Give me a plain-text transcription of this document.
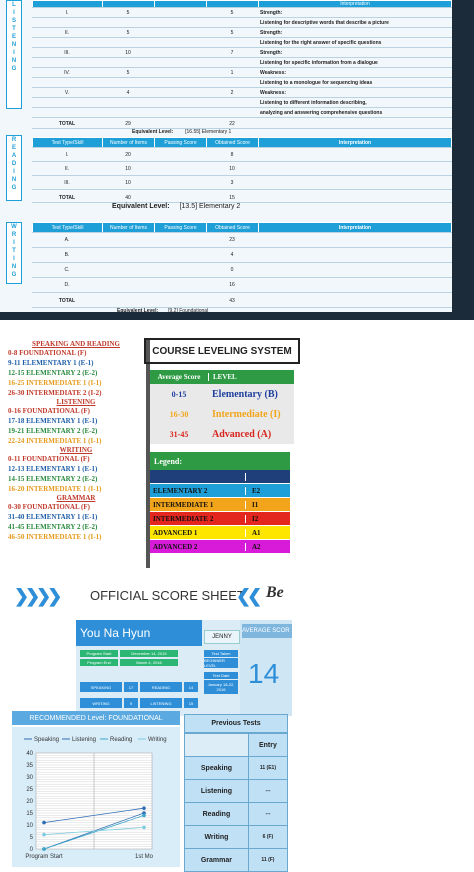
L
I
S
T
E
N
I
N
G
				Interpretation
I.	5		5	Strength:
				Listening for descriptive words that describe a picture
II.	5		5	Strength:
				Listening for the right answer of specific questions
III.	10		7	Strength:
				Listening for specific information from a dialogue
IV.	5		1	Weakness:
				Listening to a monologue for sequencing ideas
V.	4		2	Weakness:
				Listening to different information describing,
				analyzing and answering comprehensive questions
TOTAL	29		22	
Equivalent Level: [16.55] Elementary 1
R
E
A
D
I
N
G
Test Type/Skill	Number of Items	Passing Score	Obtained Score	Interpretation
I.	20		8	
II.	10		10	
III.	10		3	
TOTAL	40		15	
Equivalent Level: [13.5] Elementary 2
W
R
I
T
I
N
G
Test Type/Skill	Number of Items	Passing Score	Obtained Score	Interpretation
A.			23	
B.			4	
C.			0	
D.			16	
TOTAL			43	
Equivalent Level: [9.2] Foundational
SPEAKING AND READING
0-8 FOUNDATIONAL (F)
9-11 ELEMENTARY 1 (E-1)
12-15 ELEMENTARY 2 (E-2)
16-25 INTERMEDIATE 1 (I-1)
26-30 INTERMEDIATE 2 (I-2)
LISTENING
0-16 FOUNDATIONAL (F)
17-18 ELEMENTARY 1 (E-1)
19-21 ELEMENTARY 2 (E-2)
22-24 INTERMEDIATE 1 (I-1)
WRITING
0-11 FOUNDATIONAL (F)
12-13 ELEMENTARY 1 (E-1)
14-15 ELEMENTARY 2 (E-2)
16-20 INTERMEDIATE 1 (I-1)
GRAMMAR
0-30 FOUNDATIONAL (F)
31-40 ELEMENTARY 1 (E-1)
41-45 ELEMENTARY 2 (E-2)
46-50 INTERMEDIATE 1 (I-1)
COURSE LEVELING SYSTEM
Average Score	LEVEL
0-15	Elementary (B)
16-30	Intermediate (I)
31-45	Advanced (A)
Legend:
ELEMENTARY 1	E1
ELEMENTARY 2	E2
INTERMEDIATE 1	I1
INTERMEDIATE 2	I2
ADVANCED 1	A1
ADVANCED 2	A2
❯❯❯❯ OFFICIAL SCORE SHEET
❮❮ Be
You Na Hyun	JENNY
Program Start	December 14, 2015
Program End	March 4, 2016
Test Taken
BEGINNER LEVEL
Test Date
January 18-22, 2016
SPEAKING	17	READING	14
WRITING	9	LISTENING	15
AVERAGE SCOR
14
RECOMMENDED Level: FOUNDATIONAL
0
5
10
15
20
25
30
35
40
Program Start	1st Mo
Speaking Listening Reading	Writing
Previous Tests
	Entry
Speaking	11 (E1)
Listening	---
Reading	---
Writing	6 (F)
Grammar	11 (F)
